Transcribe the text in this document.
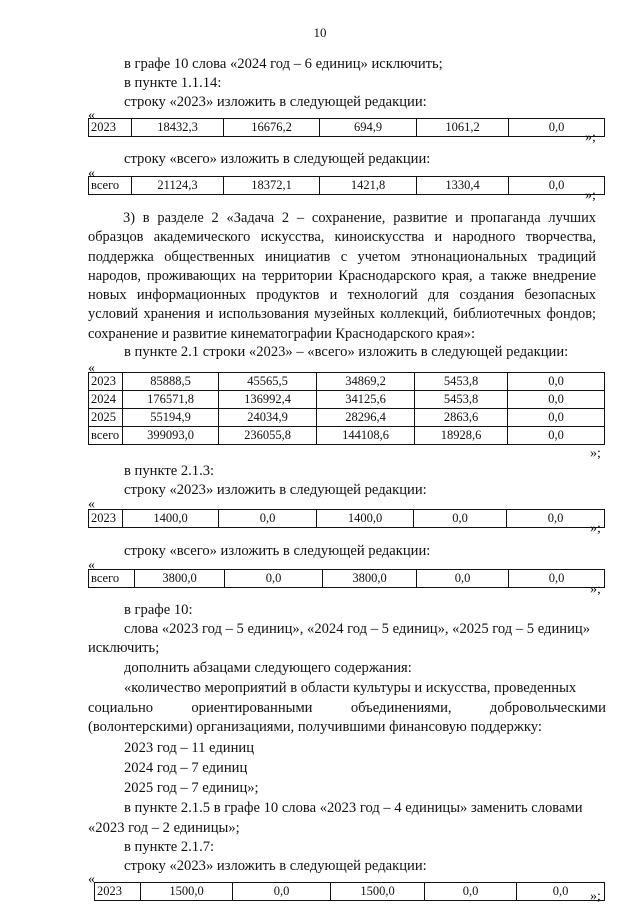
10
в графе 10 слова «2024 год – 6 единиц» исключить;
в пункте 1.1.14:
строку «2023» изложить в следующей редакции:
«
2023	18432,3	16676,2	694,9	1061,2	0,0
»;
строку «всего» изложить в следующей редакции:
«
всего	21124,3	18372,1	1421,8	1330,4	0,0
»;
3) в разделе 2 «Задача 2 – сохранение, развитие и пропаганда лучших
образцов академического искусства, киноискусства и народного творчества,
поддержка общественных инициатив с учетом этнонациональных традиций
народов, проживающих на территории Краснодарского края, а также внедрение
новых информационных продуктов и технологий для создания безопасных
условий хранения и использования музейных коллекций, библиотечных фондов;
сохранение и развитие кинематографии Краснодарского края»:
в пункте 2.1 строки «2023» – «всего» изложить в следующей редакции:
«
2023	85888,5	45565,5	34869,2	5453,8	0,0
2024	176571,8	136992,4	34125,6	5453,8	0,0
2025	55194,9	24034,9	28296,4	2863,6	0,0
всего	399093,0	236055,8	144108,6	18928,6	0,0
»;
в пункте 2.1.3:
строку «2023» изложить в следующей редакции:
«
2023	1400,0	0,0	1400,0	0,0	0,0
»;
строку «всего» изложить в следующей редакции:
«
всего	3800,0	0,0	3800,0	0,0	0,0
»;
в графе 10:
слова «2023 год – 5 единиц», «2024 год – 5 единиц», «2025 год – 5 единиц»
исключить;
дополнить абзацами следующего содержания:
«количество мероприятий в области культуры и искусства, проведенных
социально	ориентированными	объединениями,	добровольческими
(волонтерскими) организациями, получившими финансовую поддержку:
2023 год – 11 единиц
2024 год – 7 единиц
2025 год – 7 единиц»;
в пункте 2.1.5 в графе 10 слова «2023 год – 4 единицы» заменить словами
«2023 год – 2 единицы»;
в пункте 2.1.7:
строку «2023» изложить в следующей редакции:
«
2023	1500,0	0,0	1500,0	0,0	0,0 »;
